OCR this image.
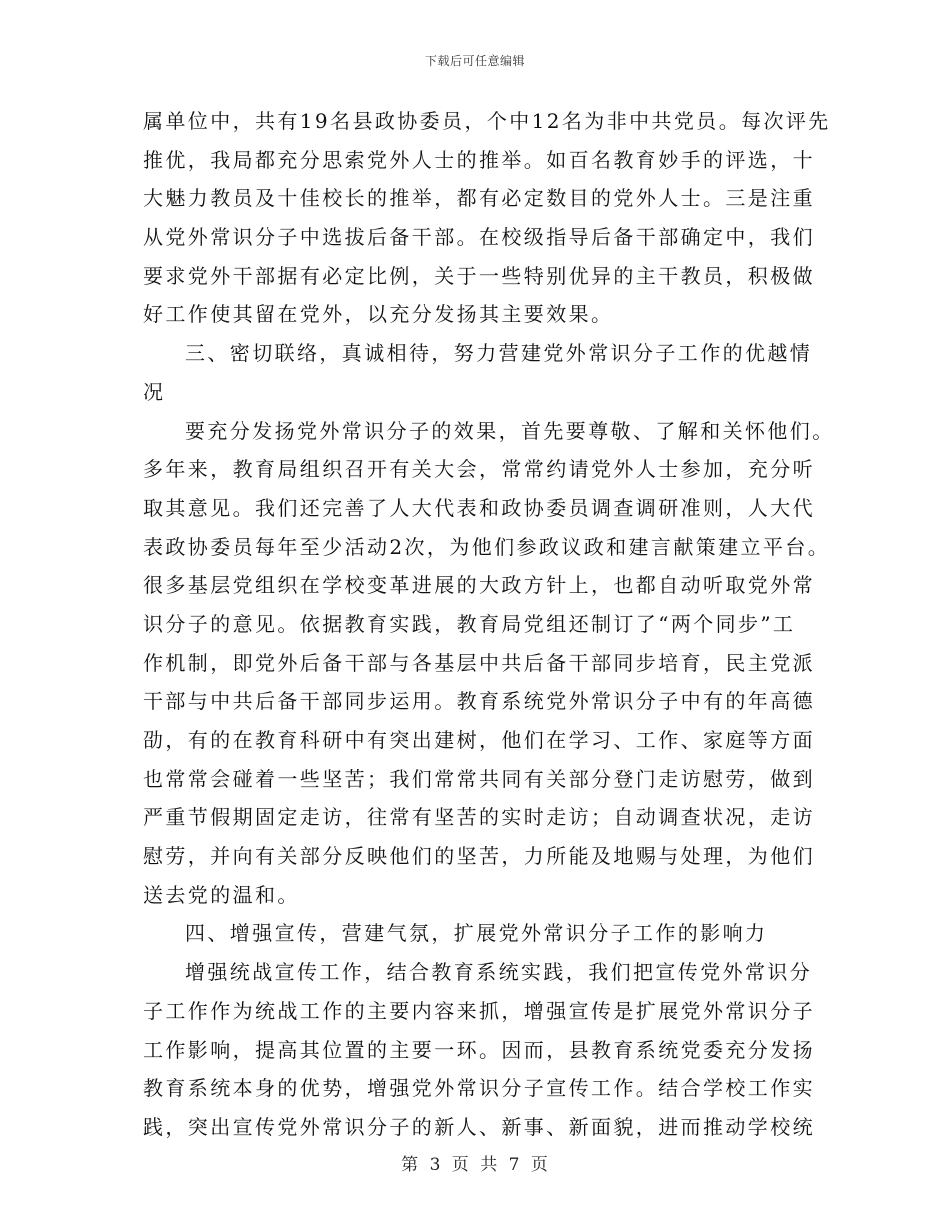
下载后可任意编辑
属单位中，共有19名县政协委员，个中12名为非中共党员。每次评先
推优，我局都充分思索党外人士的推举。如百名教育妙手的评选，十
大魅力教员及十佳校长的推举，都有必定数目的党外人士。三是注重
从党外常识分子中选拔后备干部。在校级指导后备干部确定中，我们
要求党外干部据有必定比例，关于一些特别优异的主干教员，积极做
好工作使其留在党外，以充分发扬其主要效果。
三、密切联络，真诚相待，努力营建党外常识分子工作的优越情
况
要充分发扬党外常识分子的效果，首先要尊敬、了解和关怀他们。
多年来，教育局组织召开有关大会，常常约请党外人士参加，充分听
取其意见。我们还完善了人大代表和政协委员调查调研准则，人大代
表政协委员每年至少活动2次，为他们参政议政和建言献策建立平台。
很多基层党组织在学校变革进展的大政方针上，也都自动听取党外常
识分子的意见。依据教育实践，教育局党组还制订了“两个同步”工
作机制，即党外后备干部与各基层中共后备干部同步培育，民主党派
干部与中共后备干部同步运用。教育系统党外常识分子中有的年高德
劭，有的在教育科研中有突出建树，他们在学习、工作、家庭等方面
也常常会碰着一些坚苦；我们常常共同有关部分登门走访慰劳，做到
严重节假期固定走访，往常有坚苦的实时走访；自动调查状况，走访
慰劳，并向有关部分反映他们的坚苦，力所能及地赐与处理，为他们
送去党的温和。
四、增强宣传，营建气氛，扩展党外常识分子工作的影响力
增强统战宣传工作，结合教育系统实践，我们把宣传党外常识分
子工作作为统战工作的主要内容来抓，增强宣传是扩展党外常识分子
工作影响，提高其位置的主要一环。因而，县教育系统党委充分发扬
教育系统本身的优势，增强党外常识分子宣传工作。结合学校工作实
践，突出宣传党外常识分子的新人、新事、新面貌，进而推动学校统
第 3 页 共 7 页
